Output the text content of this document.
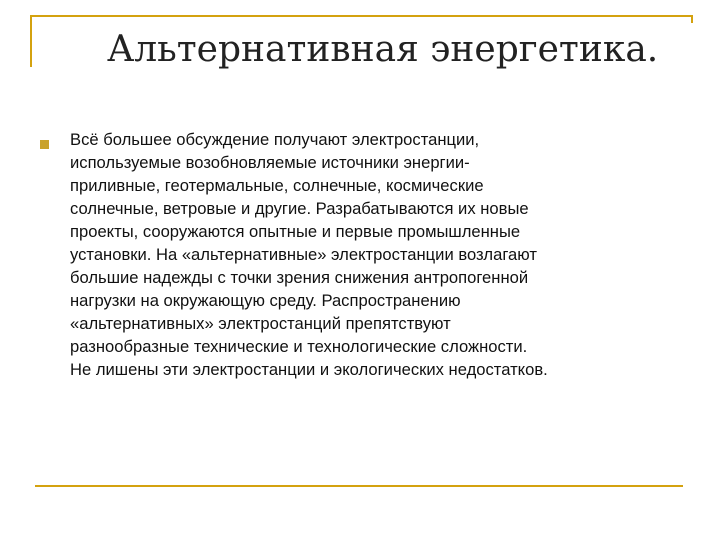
Альтернативная энергетика.

Всё большее обсуждение получают электростанции,
используемые возобновляемые источники энергии-
приливные, геотермальные, солнечные, космические
солнечные, ветровые и другие. Разрабатываются их новые
проекты, сооружаются опытные и первые промышленные
установки. На «альтернативные» электростанции возлагают
большие надежды с точки зрения снижения антропогенной
нагрузки на окружающую среду. Распространению
«альтернативных» электростанций препятствуют
разнообразные технические и технологические сложности.
Не лишены эти электростанции и экологических недостатков.
